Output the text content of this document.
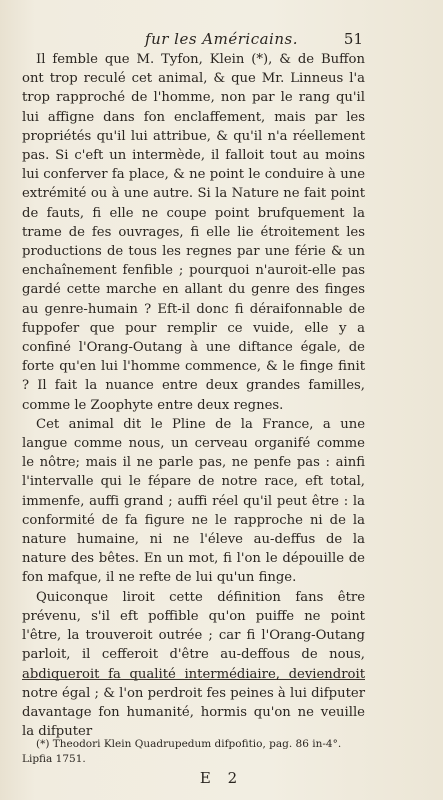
fur les Américains.	51

Il femble que M. Tyfon, Klein (*), & de Buffon ont trop reculé cet animal, & que Mr. Linneus l'a trop rapproché de l'homme, non par le rang qu'il lui affigne dans fon enclaffement, mais par les propriétés qu'il lui attribue, & qu'il n'a réellement pas. Si c'eft un intermède, il falloit tout au moins lui conferver fa place, & ne point le conduire à une extrémité ou à une autre. Si la Nature ne fait point de fauts, fi elle ne coupe point brufquement la trame de fes ouvrages, fi elle lie étroitement les productions de tous les regnes par une férie & un enchaînement fenfible ; pourquoi n'auroit-elle pas gardé cette marche en allant du genre des finges au genre-humain ? Eft-il donc fi déraifonnable de fuppofer que pour remplir ce vuide, elle y a confiné l'Orang-Outang à une diftance égale, de forte qu'en lui l'homme commence, & le finge finit ? Il fait la nuance entre deux grandes familles, comme le Zoophyte entre deux regnes.

Cet animal dit le Pline de la France, a une langue comme nous, un cerveau organifé comme le nôtre; mais il ne parle pas, ne penfe pas : ainfi l'intervalle qui le fépare de notre race, eft total, immenfe, auffi grand ; auffi réel qu'il peut être : la conformité de fa figure ne le rapproche ni de la nature humaine, ni ne l'éleve au-deffus de la nature des bêtes. En un mot, fi l'on le dépouille de fon mafque, il ne refte de lui qu'un finge.

Quiconque liroit cette définition fans être prévenu, s'il eft poffible qu'on puiffe ne point l'être, la trouveroit outrée ; car fi l'Orang-Outang parloit, il cefferoit d'être au-deffous de nous, abdiqueroit fa qualité intermédiaire, deviendroit notre égal ; & l'on perdroit fes peines à lui difputer davantage fon humanité, hormis qu'on ne veuille la difputer

(*) Theodori Klein Quadrupedum difpofitio, pag. 86 in-4°. Lipfia 1751.
E 2
